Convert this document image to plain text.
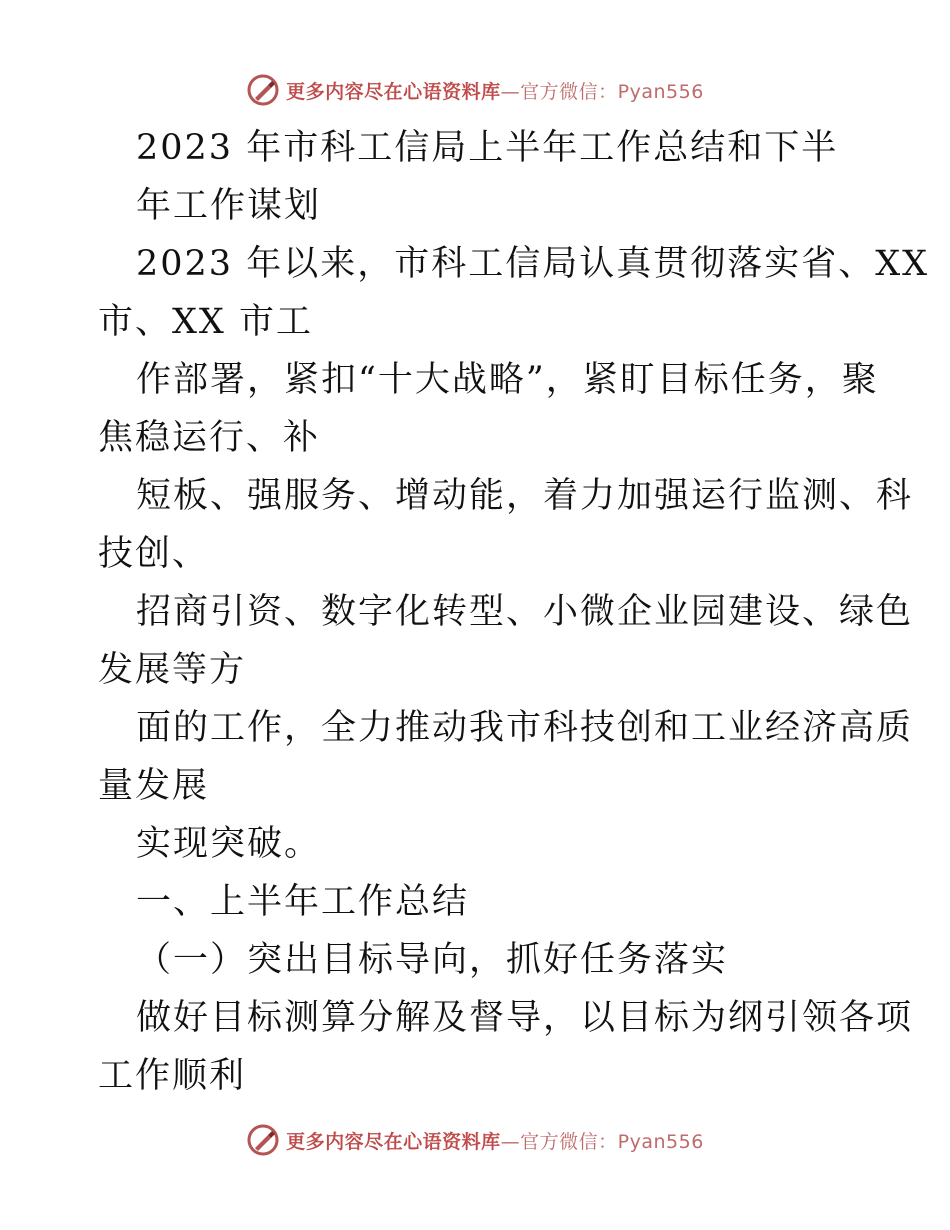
更多内容尽在心语资料库 —官方微信：Pyan556
2023 年市科工信局上半年工作总结和下半
年工作谋划
2023 年以来，市科工信局认真贯彻落实省、XX
市、XX 市工
作部署，紧扣“十大战略”，紧盯目标任务，聚
焦稳运行、补
短板、强服务、增动能，着力加强运行监测、科
技创、
招商引资、数字化转型、小微企业园建设、绿色
发展等方
面的工作，全力推动我市科技创和工业经济高质
量发展
实现突破。
一、上半年工作总结
（一）突出目标导向，抓好任务落实
做好目标测算分解及督导，以目标为纲引领各项
工作顺利
更多内容尽在心语资料库 —官方微信：Pyan556
